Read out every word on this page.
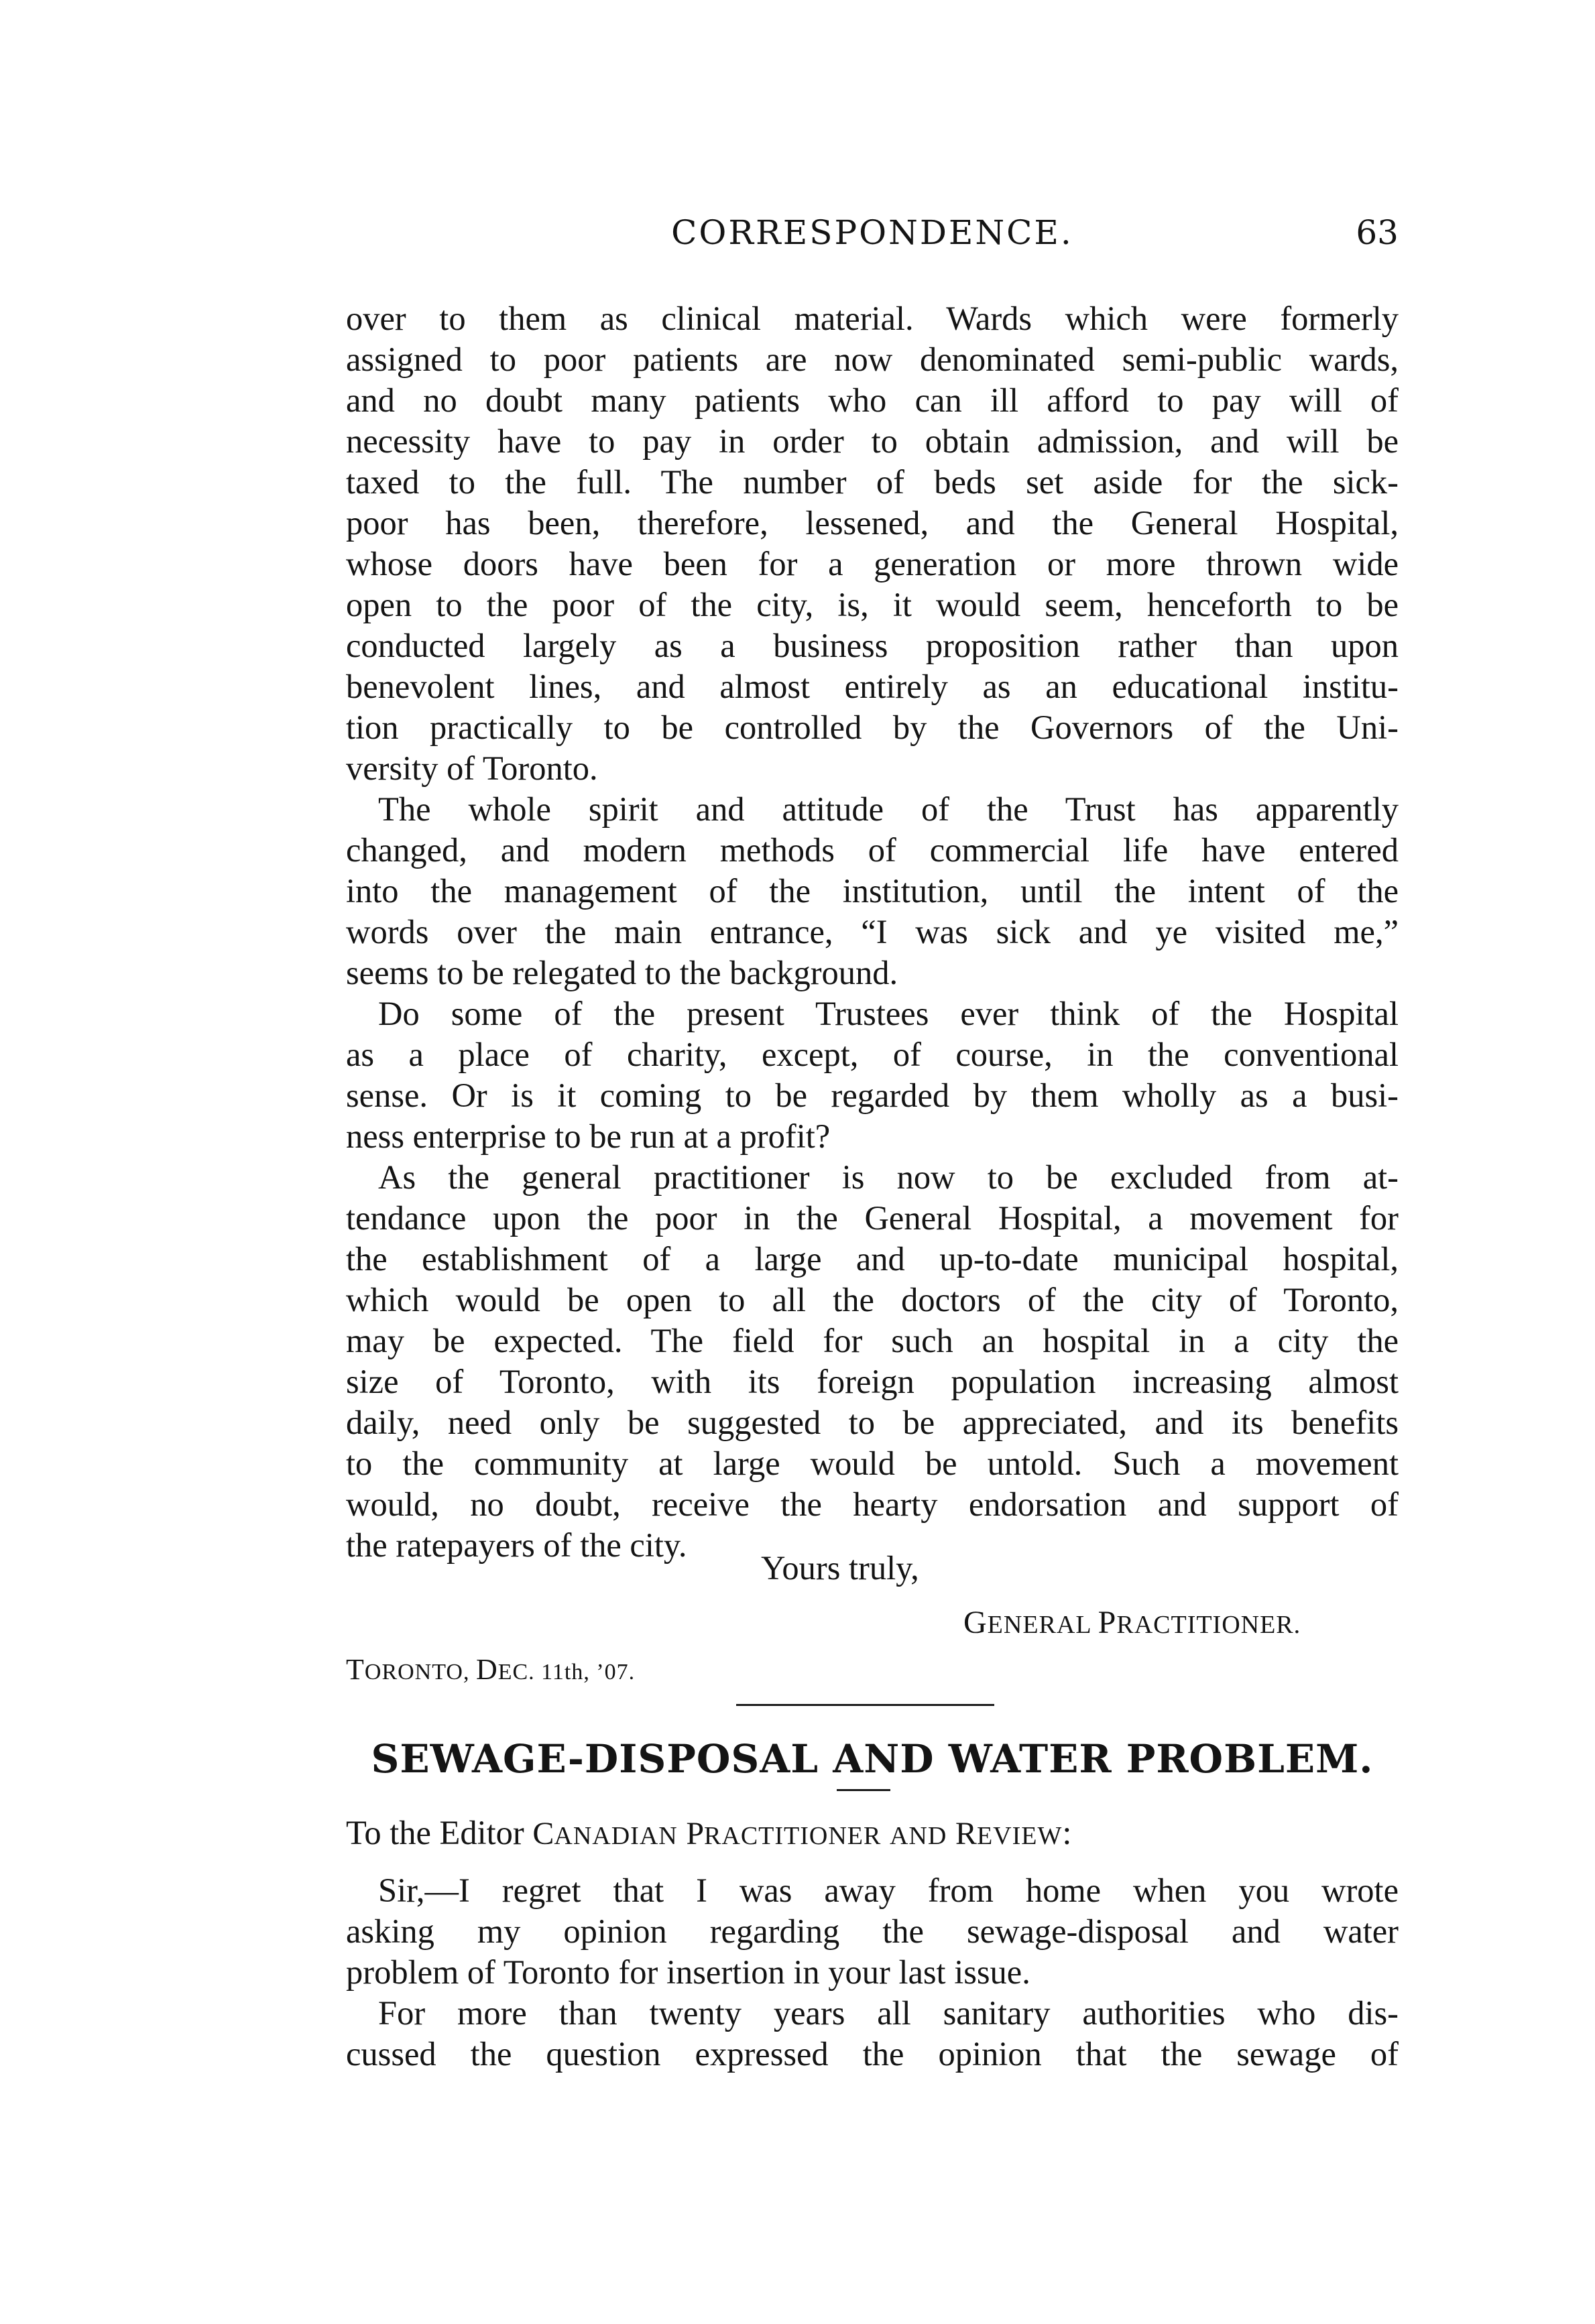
CORRESPONDENCE.	63
over to them as clinical material. Wards which were formerly
assigned to poor patients are now denominated semi-public wards,
and no doubt many patients who can ill afford to pay will of
necessity have to pay in order to obtain admission, and will be
taxed to the full. The number of beds set aside for the sick-
poor has been, therefore, lessened, and the General Hospital,
whose doors have been for a generation or more thrown wide
open to the poor of the city, is, it would seem, henceforth to be
conducted largely as a business proposition rather than upon
benevolent lines, and almost entirely as an educational institu-
tion practically to be controlled by the Governors of the Uni-
versity of Toronto.
The whole spirit and attitude of the Trust has apparently
changed, and modern methods of commercial life have entered
into the management of the institution, until the intent of the
words over the main entrance, “I was sick and ye visited me,”
seems to be relegated to the background.
Do some of the present Trustees ever think of the Hospital
as a place of charity, except, of course, in the conventional
sense. Or is it coming to be regarded by them wholly as a busi-
ness enterprise to be run at a profit?
As the general practitioner is now to be excluded from at-
tendance upon the poor in the General Hospital, a movement for
the establishment of a large and up-to-date municipal hospital,
which would be open to all the doctors of the city of Toronto,
may be expected. The field for such an hospital in a city the
size of Toronto, with its foreign population increasing almost
daily, need only be suggested to be appreciated, and its benefits
to the community at large would be untold. Such a movement
would, no doubt, receive the hearty endorsation and support of
the ratepayers of the city.
Yours truly,
GENERAL PRACTITIONER.
TORONTO, DEC. 11th, ’07.
SEWAGE-DISPOSAL AND WATER PROBLEM.
To the Editor CANADIAN PRACTITIONER AND REVIEW:
Sir,—I regret that I was away from home when you wrote
asking my opinion regarding the sewage-disposal and water
problem of Toronto for insertion in your last issue.
For more than twenty years all sanitary authorities who dis-
cussed the question expressed the opinion that the sewage of
